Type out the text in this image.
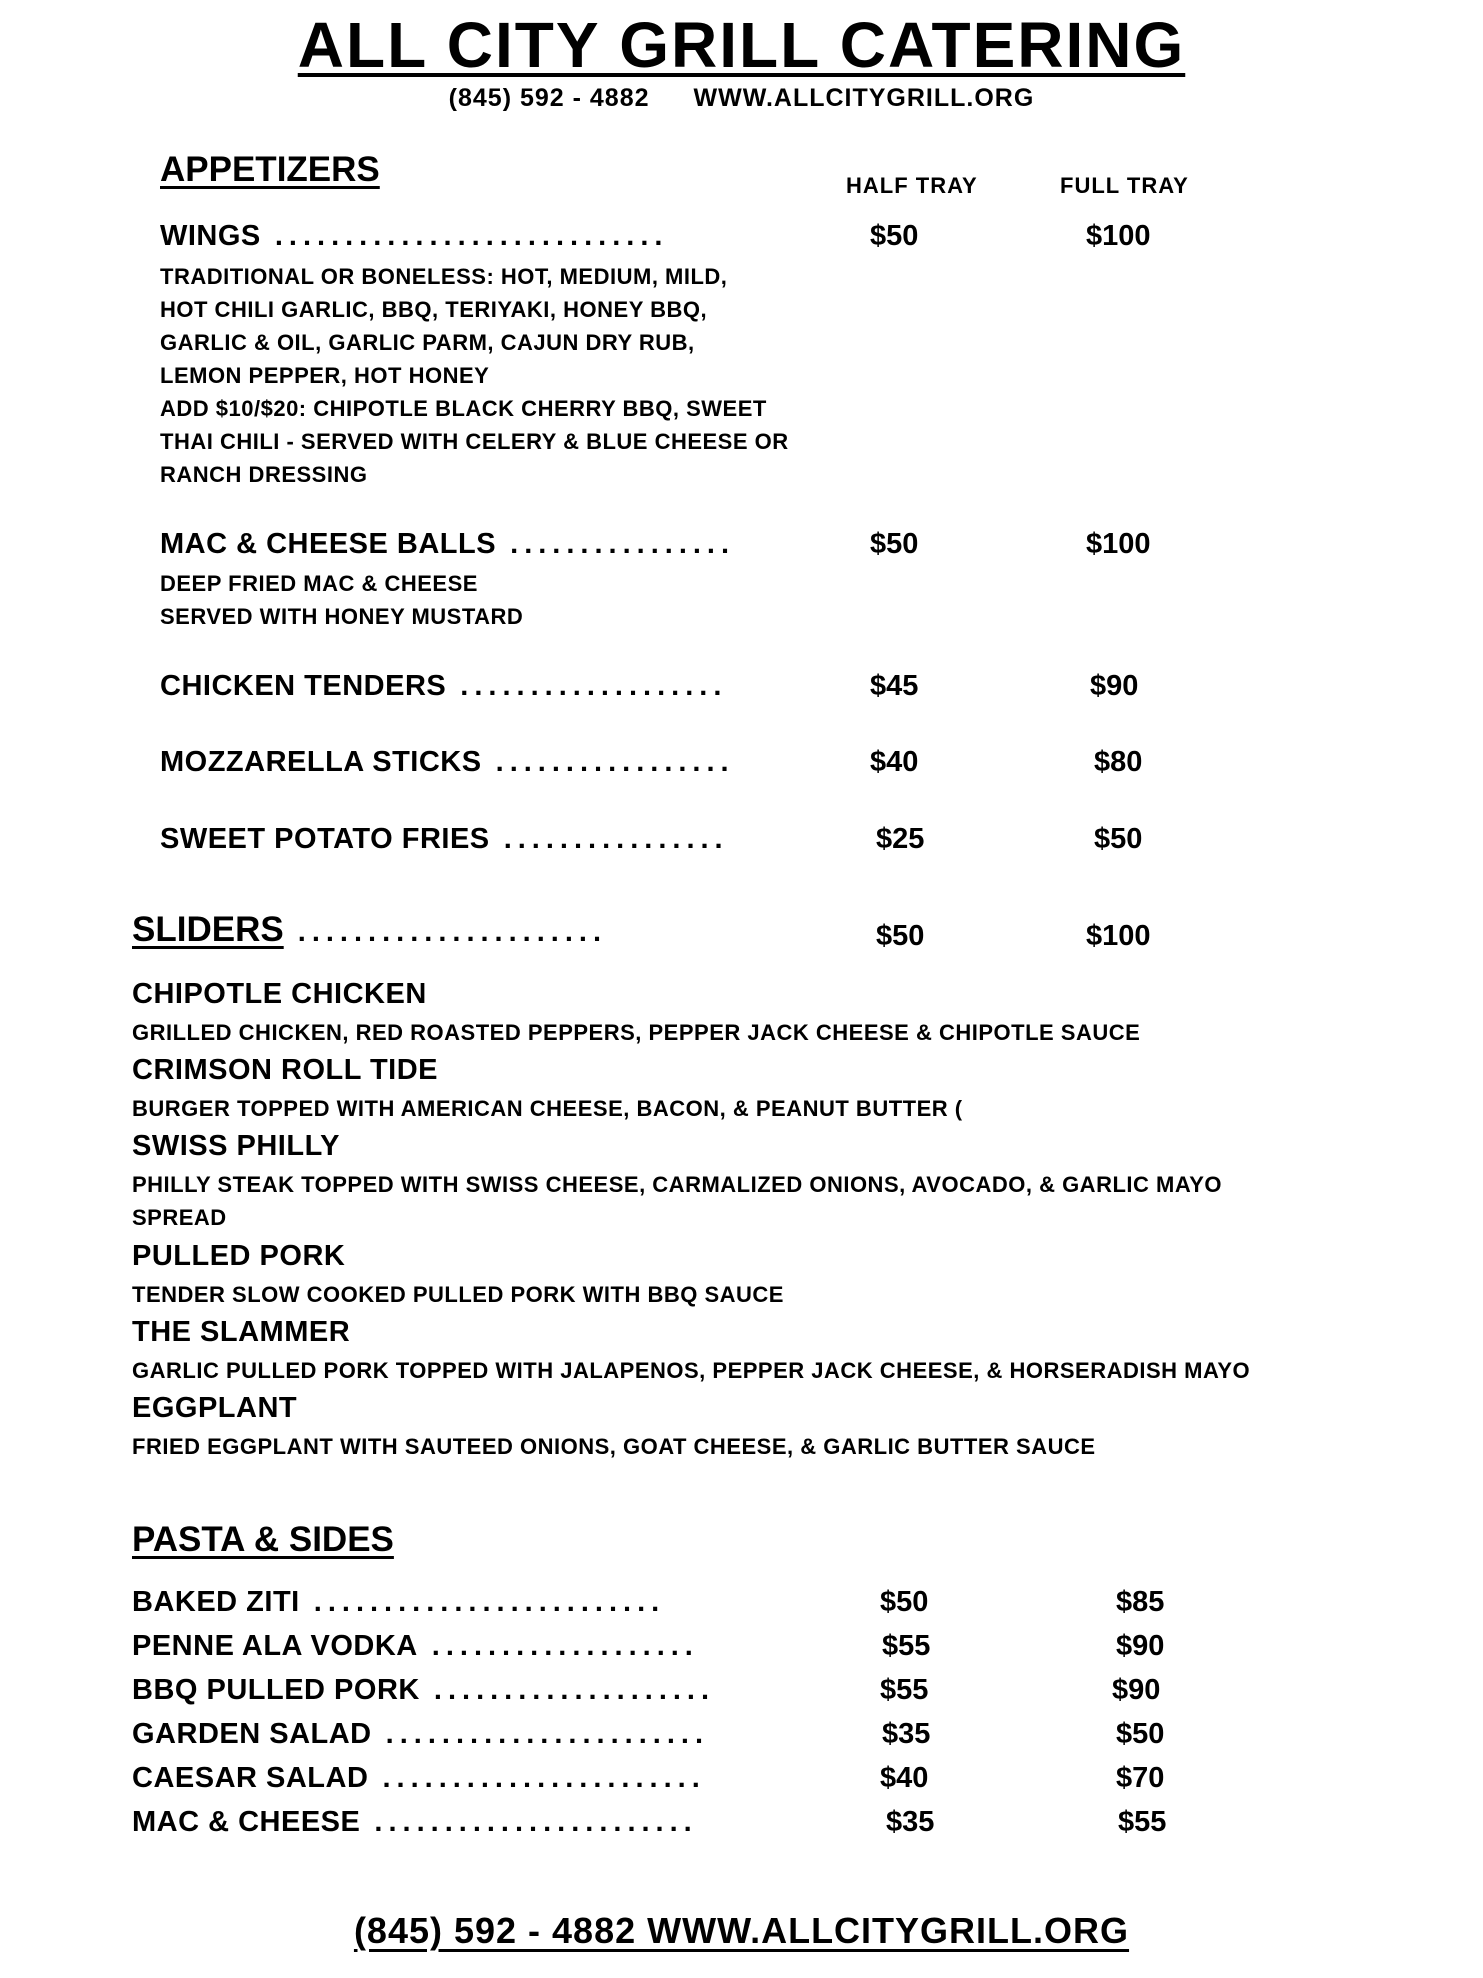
ALL CITY GRILL CATERING
(845) 592 - 4882 WWW.ALLCITYGRILL.ORG
APPETIZERS	HALF TRAY	FULL TRAY
WINGS ............................	$50	$100
TRADITIONAL OR BONELESS: HOT, MEDIUM, MILD,
HOT CHILI GARLIC, BBQ, TERIYAKI, HONEY BBQ,
GARLIC & OIL, GARLIC PARM, CAJUN DRY RUB,
LEMON PEPPER, HOT HONEY
ADD $10/$20: CHIPOTLE BLACK CHERRY BBQ, SWEET
THAI CHILI - SERVED WITH CELERY & BLUE CHEESE OR
RANCH DRESSING
MAC & CHEESE BALLS ................	$50	$100
DEEP FRIED MAC & CHEESE
SERVED WITH HONEY MUSTARD
CHICKEN TENDERS ...................	$45	$90
MOZZARELLA STICKS .................	$40	$80
SWEET POTATO FRIES ................	$25	$50
SLIDERS ......................	$50	$100
CHIPOTLE CHICKEN
GRILLED CHICKEN, RED ROASTED PEPPERS, PEPPER JACK CHEESE & CHIPOTLE SAUCE
CRIMSON ROLL TIDE
BURGER TOPPED WITH AMERICAN CHEESE, BACON, & PEANUT BUTTER (
SWISS PHILLY
PHILLY STEAK TOPPED WITH SWISS CHEESE, CARMALIZED ONIONS, AVOCADO, & GARLIC MAYO
SPREAD
PULLED PORK
TENDER SLOW COOKED PULLED PORK WITH BBQ SAUCE
THE SLAMMER
GARLIC PULLED PORK TOPPED WITH JALAPENOS, PEPPER JACK CHEESE, & HORSERADISH MAYO
EGGPLANT
FRIED EGGPLANT WITH SAUTEED ONIONS, GOAT CHEESE, & GARLIC BUTTER SAUCE
PASTA & SIDES
BAKED ZITI .........................	$50	$85
PENNE ALA VODKA ...................	$55	$90
BBQ PULLED PORK ....................	$55	$90
GARDEN SALAD .......................	$35	$50
CAESAR SALAD .......................	$40	$70
MAC & CHEESE .......................	$35	$55
(845) 592 - 4882 WWW.ALLCITYGRILL.ORG
